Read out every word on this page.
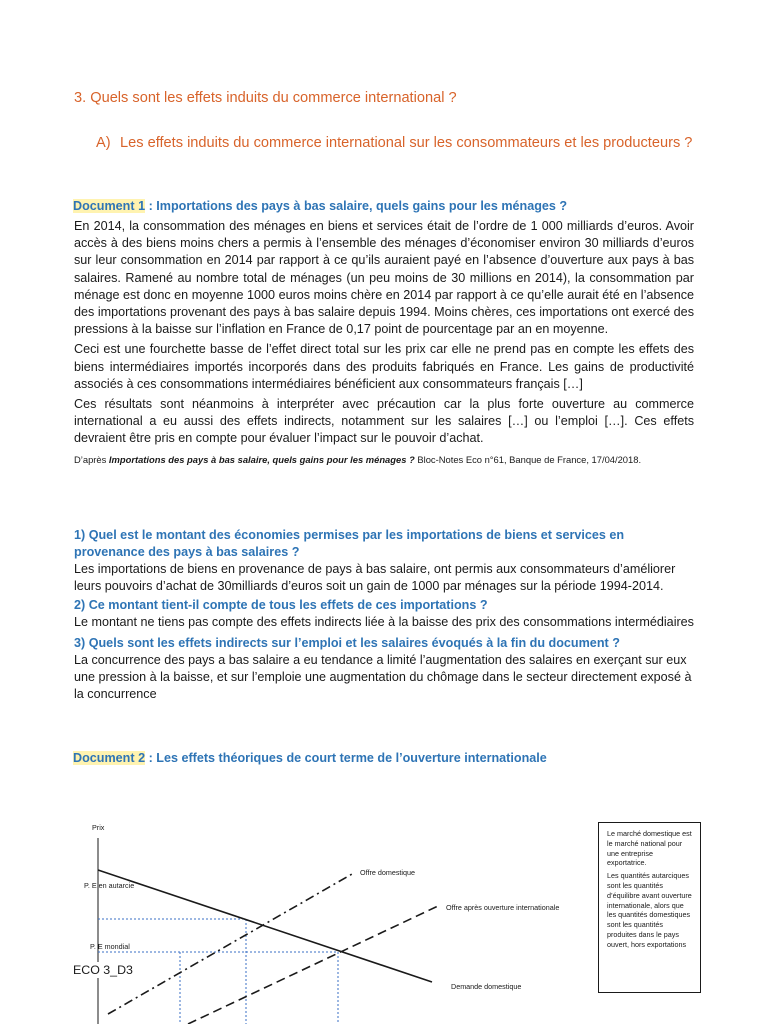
3. Quels sont les effets induits du commerce international ?

A) Les effets induits du commerce international sur les consommateurs et les producteurs ?

Document 1 : Importations des pays à bas salaire, quels gains pour les ménages ?

En 2014, la consommation des ménages en biens et services était de l’ordre de 1 000 milliards d’euros. Avoir accès à des biens moins chers a permis à l’ensemble des ménages d’économiser environ 30 milliards d’euros sur leur consommation en 2014 par rapport à ce qu’ils auraient payé en l’absence d’ouverture aux pays à bas salaires. Ramené au nombre total de ménages (un peu moins de 30 millions en 2014), la consommation par ménage est donc en moyenne 1000 euros moins chère en 2014 par rapport à ce qu’elle aurait été en l’absence des importations provenant des pays à bas salaire depuis 1994. Moins chères, ces importations ont exercé des pressions à la baisse sur l’inflation en France de 0,17 point de pourcentage par an en moyenne.

Ceci est une fourchette basse de l’effet direct total sur les prix car elle ne prend pas en compte les effets des biens intermédiaires importés incorporés dans des produits fabriqués en France. Les gains de productivité associés à ces consommations intermédiaires bénéficient aux consommateurs français […]

Ces résultats sont néanmoins à interpréter avec précaution car la plus forte ouverture au commerce international a eu aussi des effets indirects, notamment sur les salaires […] ou l’emploi […]. Ces effets devraient être pris en compte pour évaluer l’impact sur le pouvoir d’achat.

D’après Importations des pays à bas salaire, quels gains pour les ménages ? Bloc-Notes Eco n°61, Banque de France, 17/04/2018.

1) Quel est le montant des économies permises par les importations de biens et services en provenance des pays à bas salaires ?

Les importations de biens en provenance de pays à bas salaire, ont permis aux consommateurs d’améliorer leurs pouvoirs d’achat de 30milliards d’euros soit un gain de 1000 par ménages sur la période 1994-2014.

2) Ce montant tient-il compte de tous les effets de ces importations ?

Le montant ne tiens pas compte des effets indirects liée à la baisse des prix des consommations intermédiaires

3) Quels sont les effets indirects sur l’emploi et les salaires évoqués à la fin du document ?

La concurrence des pays a bas salaire a eu tendance a limité l’augmentation des salaires en exerçant sur eux une pression à la baisse, et sur l’emploie une augmentation du chômage dans le secteur directement exposé à la concurrence

Document 2 : Les effets théoriques de court terme de l’ouverture internationale
Prix
P. E en autarcie
P. E mondial
Offre domestique
Offre après ouverture internationale
Demande domestique
ECO 3_D3

Le marché domestique est le marché national pour une entreprise exportatrice.

Les quantités autarciques sont les quantités d’équilibre avant ouverture internationale, alors que les quantités domestiques sont les quantités produites dans le pays ouvert, hors exportations
